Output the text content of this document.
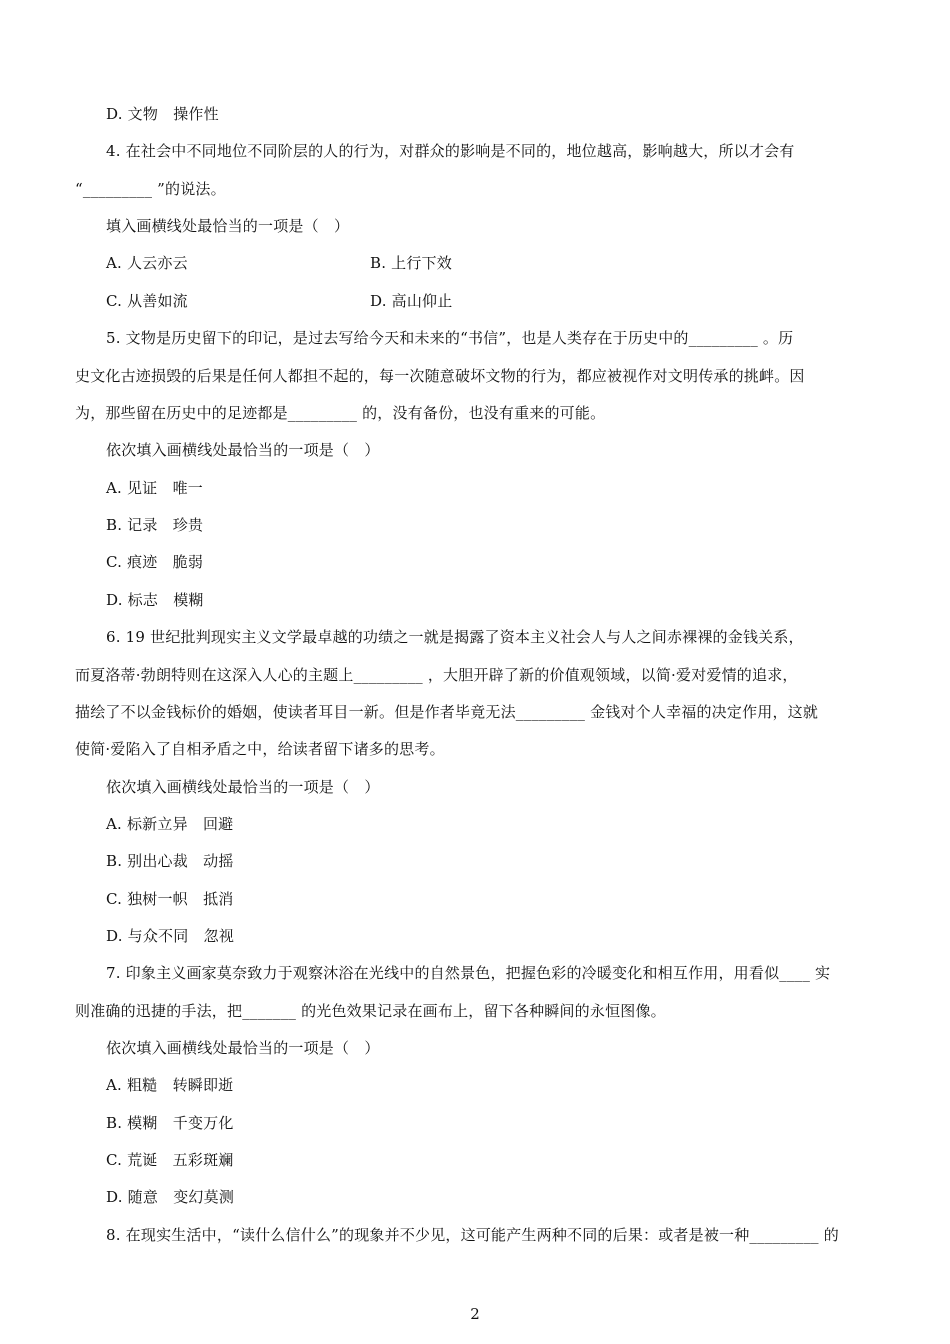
D. 文物　操作性
4. 在社会中不同地位不同阶层的人的行为，对群众的影响是不同的，地位越高，影响越大，所以才会有
“_________ ”的说法。
填入画横线处最恰当的一项是（　）
A. 人云亦云	B. 上行下效
C. 从善如流	D. 高山仰止
5. 文物是历史留下的印记，是过去写给今天和未来的“书信”，也是人类存在于历史中的_________ 。历
史文化古迹损毁的后果是任何人都担不起的，每一次随意破坏文物的行为，都应被视作对文明传承的挑衅。因
为，那些留在历史中的足迹都是_________ 的，没有备份，也没有重来的可能。
依次填入画横线处最恰当的一项是（　）
A. 见证　唯一
B. 记录　珍贵
C. 痕迹　脆弱
D. 标志　模糊
6. 19 世纪批判现实主义文学最卓越的功绩之一就是揭露了资本主义社会人与人之间赤裸裸的金钱关系，
而夏洛蒂·勃朗特则在这深入人心的主题上_________ ，大胆开辟了新的价值观领域，以简·爱对爱情的追求，
描绘了不以金钱标价的婚姻，使读者耳目一新。但是作者毕竟无法_________ 金钱对个人幸福的决定作用，这就
使简·爱陷入了自相矛盾之中，给读者留下诸多的思考。
依次填入画横线处最恰当的一项是（　）
A. 标新立异　回避
B. 别出心裁　动摇
C. 独树一帜　抵消
D. 与众不同　忽视
7. 印象主义画家莫奈致力于观察沐浴在光线中的自然景色，把握色彩的冷暖变化和相互作用，用看似____ 实
则准确的迅捷的手法，把_______ 的光色效果记录在画布上，留下各种瞬间的永恒图像。
依次填入画横线处最恰当的一项是（　）
A. 粗糙　转瞬即逝
B. 模糊　千变万化
C. 荒诞　五彩斑斓
D. 随意　变幻莫测
8. 在现实生活中，“读什么信什么”的现象并不少见，这可能产生两种不同的后果：或者是被一种_________ 的
2
